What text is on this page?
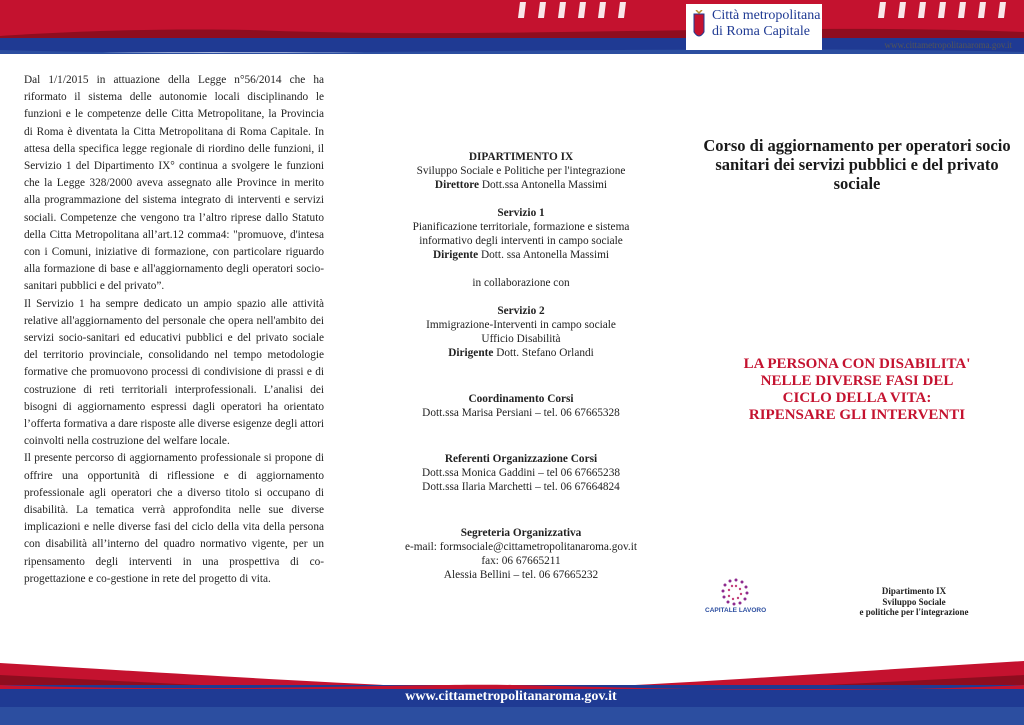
Città metropolitana
di Roma Capitale
www.cittametropolitanaroma.gov.it

Dal 1/1/2015 in attuazione della Legge n°56/2014 che ha riformato il sistema delle autonomie locali disciplinando le funzioni e le competenze delle Citta Metropolitane, la Provincia di Roma è diventata la Citta Metropolitana di Roma Capitale. In attesa della specifica legge regionale di riordino delle funzioni, il Servizio 1 del Dipartimento IX° continua a svolgere le funzioni che la Legge 328/2000 aveva assegnato alle Province in merito alla programmazione del sistema integrato di interventi e servizi sociali. Competenze che vengono tra l’altro riprese dallo Statuto della Citta Metropolitana all’art.12 comma4: "promuove, d'intesa con i Comuni, iniziative di formazione, con particolare riguardo alla formazione di base e all'aggiornamento degli operatori socio-sanitari pubblici e del privato”.

Il Servizio 1 ha sempre dedicato un ampio spazio alle attività relative all'aggiornamento del personale che opera nell'ambito dei servizi socio-sanitari ed educativi pubblici e del privato sociale del territorio provinciale, consolidando nel tempo metodologie formative che promuovono processi di condivisione di prassi e di costruzione di reti territoriali interprofessionali. L’analisi dei bisogni di aggiornamento espressi dagli operatori ha orientato l’offerta formativa a dare risposte alle diverse esigenze degli attori coinvolti nella costruzione del welfare locale.

Il presente percorso di aggiornamento professionale si propone di offrire una opportunità di riflessione e di aggiornamento professionale agli operatori che a diverso titolo si occupano di disabilità. La tematica verrà approfondita nelle sue diverse implicazioni e nelle diverse fasi del ciclo della vita della persona con disabilità all’interno del quadro normativo vigente, per un ripensamento degli interventi in una prospettiva di co-progettazione e co-gestione in rete del progetto di vita.

DIPARTIMENTO IX
Sviluppo Sociale e Politiche per l'integrazione
Direttore Dott.ssa Antonella Massimi
Servizio 1
Pianificazione territoriale, formazione e sistema
informativo degli interventi in campo sociale
Dirigente Dott. ssa Antonella Massimi
in collaborazione con
Servizio 2
Immigrazione-Interventi in campo sociale
Ufficio Disabilità
Dirigente Dott. Stefano Orlandi
Coordinamento Corsi
Dott.ssa Marisa Persiani – tel. 06 67665328
Referenti Organizzazione Corsi
Dott.ssa Monica Gaddini – tel 06 67665238
Dott.ssa Ilaria Marchetti – tel. 06 67664824
Segreteria Organizzativa
e-mail: formsociale@cittametropolitanaroma.gov.it
fax: 06 67665211
Alessia Bellini – tel. 06 67665232
Corso di aggiornamento per operatori socio sanitari dei servizi pubblici e del privato sociale
LA PERSONA CON DISABILITA'
NELLE DIVERSE FASI DEL
CICLO DELLA VITA:
RIPENSARE GLI INTERVENTI
CAPITALE LAVORO
Dipartimento IX
Sviluppo Sociale
e politiche per l'integrazione
www.cittametropolitanaroma.gov.it
